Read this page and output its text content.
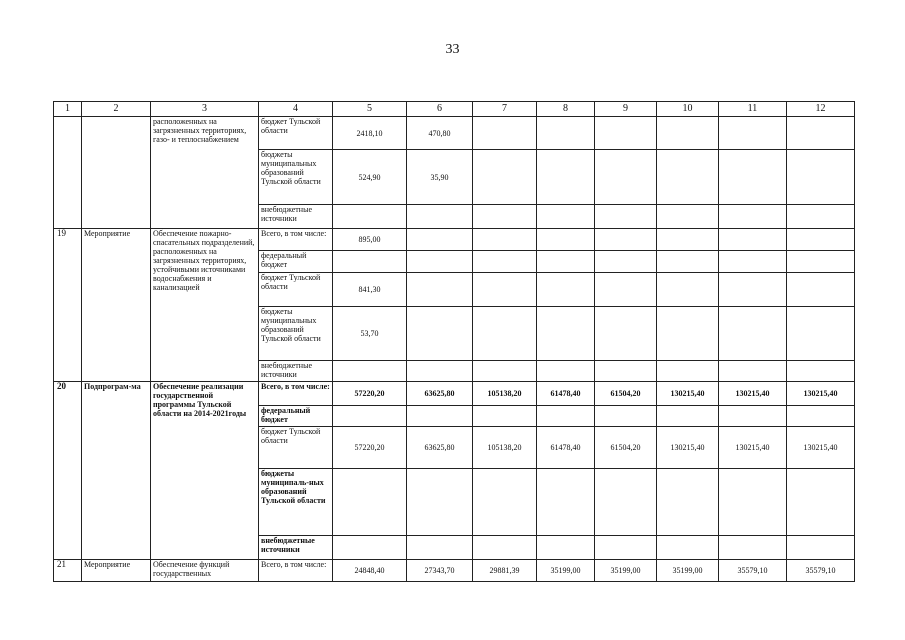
33
1	2	3	4	5	6	7	8	9	10	11	12
		расположенных на загрязненных территориях, газо- и теплоснабжением	бюджет Тульской области	2418,10	470,80						
			бюджеты муниципальных образований Тульской области	524,90	35,90						
			внебюджетные источники								
19	Мероприятие	Обеспечение пожарно-спасательных подразделений, расположенных на загрязненных территориях, устойчивыми источниками водоснабжения и канализацией	Всего, в том числе:	895,00							
			федеральный бюджет								
			бюджет Тульской области	841,30							
			бюджеты муниципальных образований Тульской области	53,70							
			внебюджетные источники								
20	Подпрограм-ма	Обеспечение реализации государственной программы Тульской области на 2014-2021годы	Всего, в том числе:	57220,20	63625,80	105138,20	61478,40	61504,20	130215,40	130215,40	130215,40
			федеральный бюджет								
			бюджет Тульской области	57220,20	63625,80	105138,20	61478,40	61504,20	130215,40	130215,40	130215,40
			бюджеты муниципаль-ных образований Тульской области								
			внебюджетные источники								
21	Мероприятие	Обеспечение функций государственных	Всего, в том числе:	24848,40	27343,70	29881,39	35199,00	35199,00	35199,00	35579,10	35579,10
